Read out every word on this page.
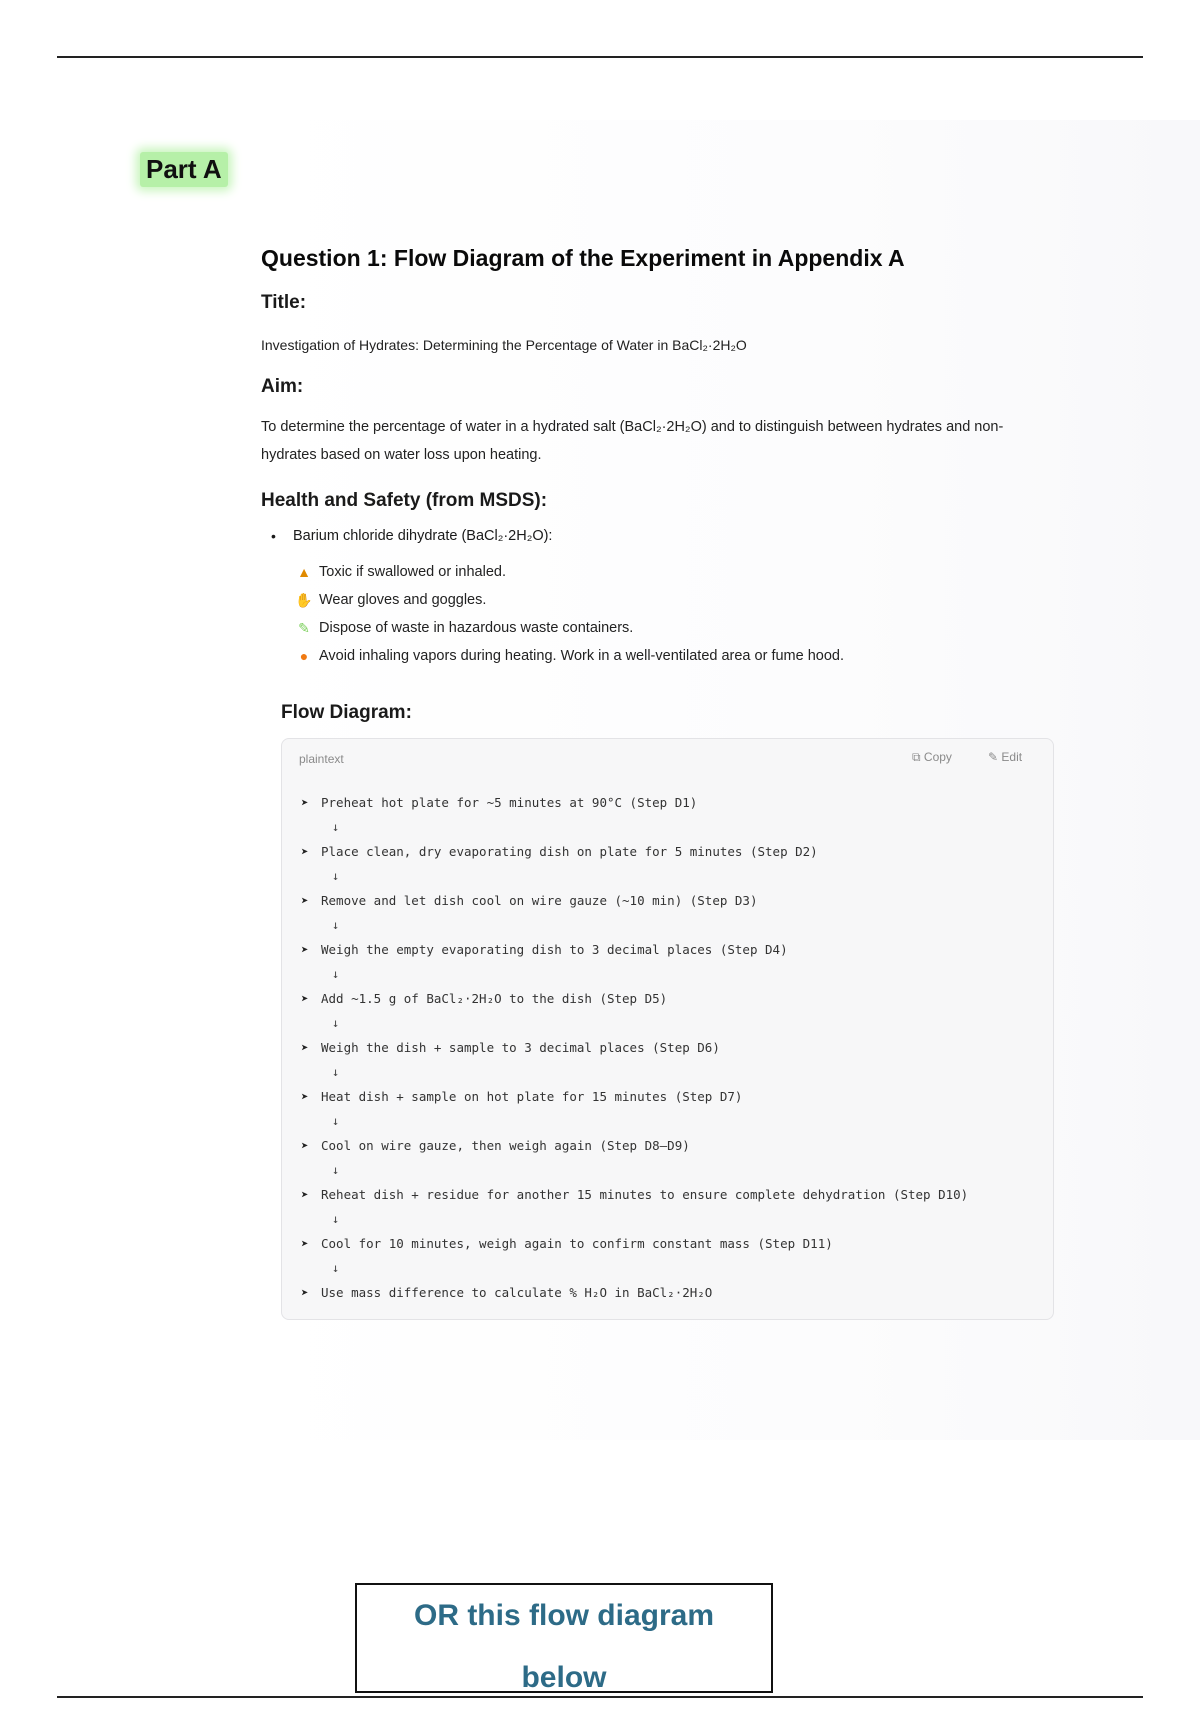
Part A
Question 1: Flow Diagram of the Experiment in Appendix A
Title:
Investigation of Hydrates: Determining the Percentage of Water in BaCl₂·2H₂O
Aim:
To determine the percentage of water in a hydrated salt (BaCl₂·2H₂O) and to distinguish between hydrates and non-hydrates based on water loss upon heating.
Health and Safety (from MSDS):
• Barium chloride dihydrate (BaCl₂·2H₂O):
▲ Toxic if swallowed or inhaled.
✋ Wear gloves and goggles.
✎ Dispose of waste in hazardous waste containers.
● Avoid inhaling vapors during heating. Work in a well-ventilated area or fume hood.
Flow Diagram:
plaintext	⧉ Copy	✎ Edit
➤ Preheat hot plate for ~5 minutes at 90°C (Step D1)
↓
➤ Place clean, dry evaporating dish on plate for 5 minutes (Step D2)
↓
➤ Remove and let dish cool on wire gauze (~10 min) (Step D3)
↓
➤ Weigh the empty evaporating dish to 3 decimal places (Step D4)
↓
➤ Add ~1.5 g of BaCl₂·2H₂O to the dish (Step D5)
↓
➤ Weigh the dish + sample to 3 decimal places (Step D6)
↓
➤ Heat dish + sample on hot plate for 15 minutes (Step D7)
↓
➤ Cool on wire gauze, then weigh again (Step D8–D9)
↓
➤ Reheat dish + residue for another 15 minutes to ensure complete dehydration (Step D10)
↓
➤ Cool for 10 minutes, weigh again to confirm constant mass (Step D11)
↓
➤ Use mass difference to calculate % H₂O in BaCl₂·2H₂O
OR this flow diagram
below
